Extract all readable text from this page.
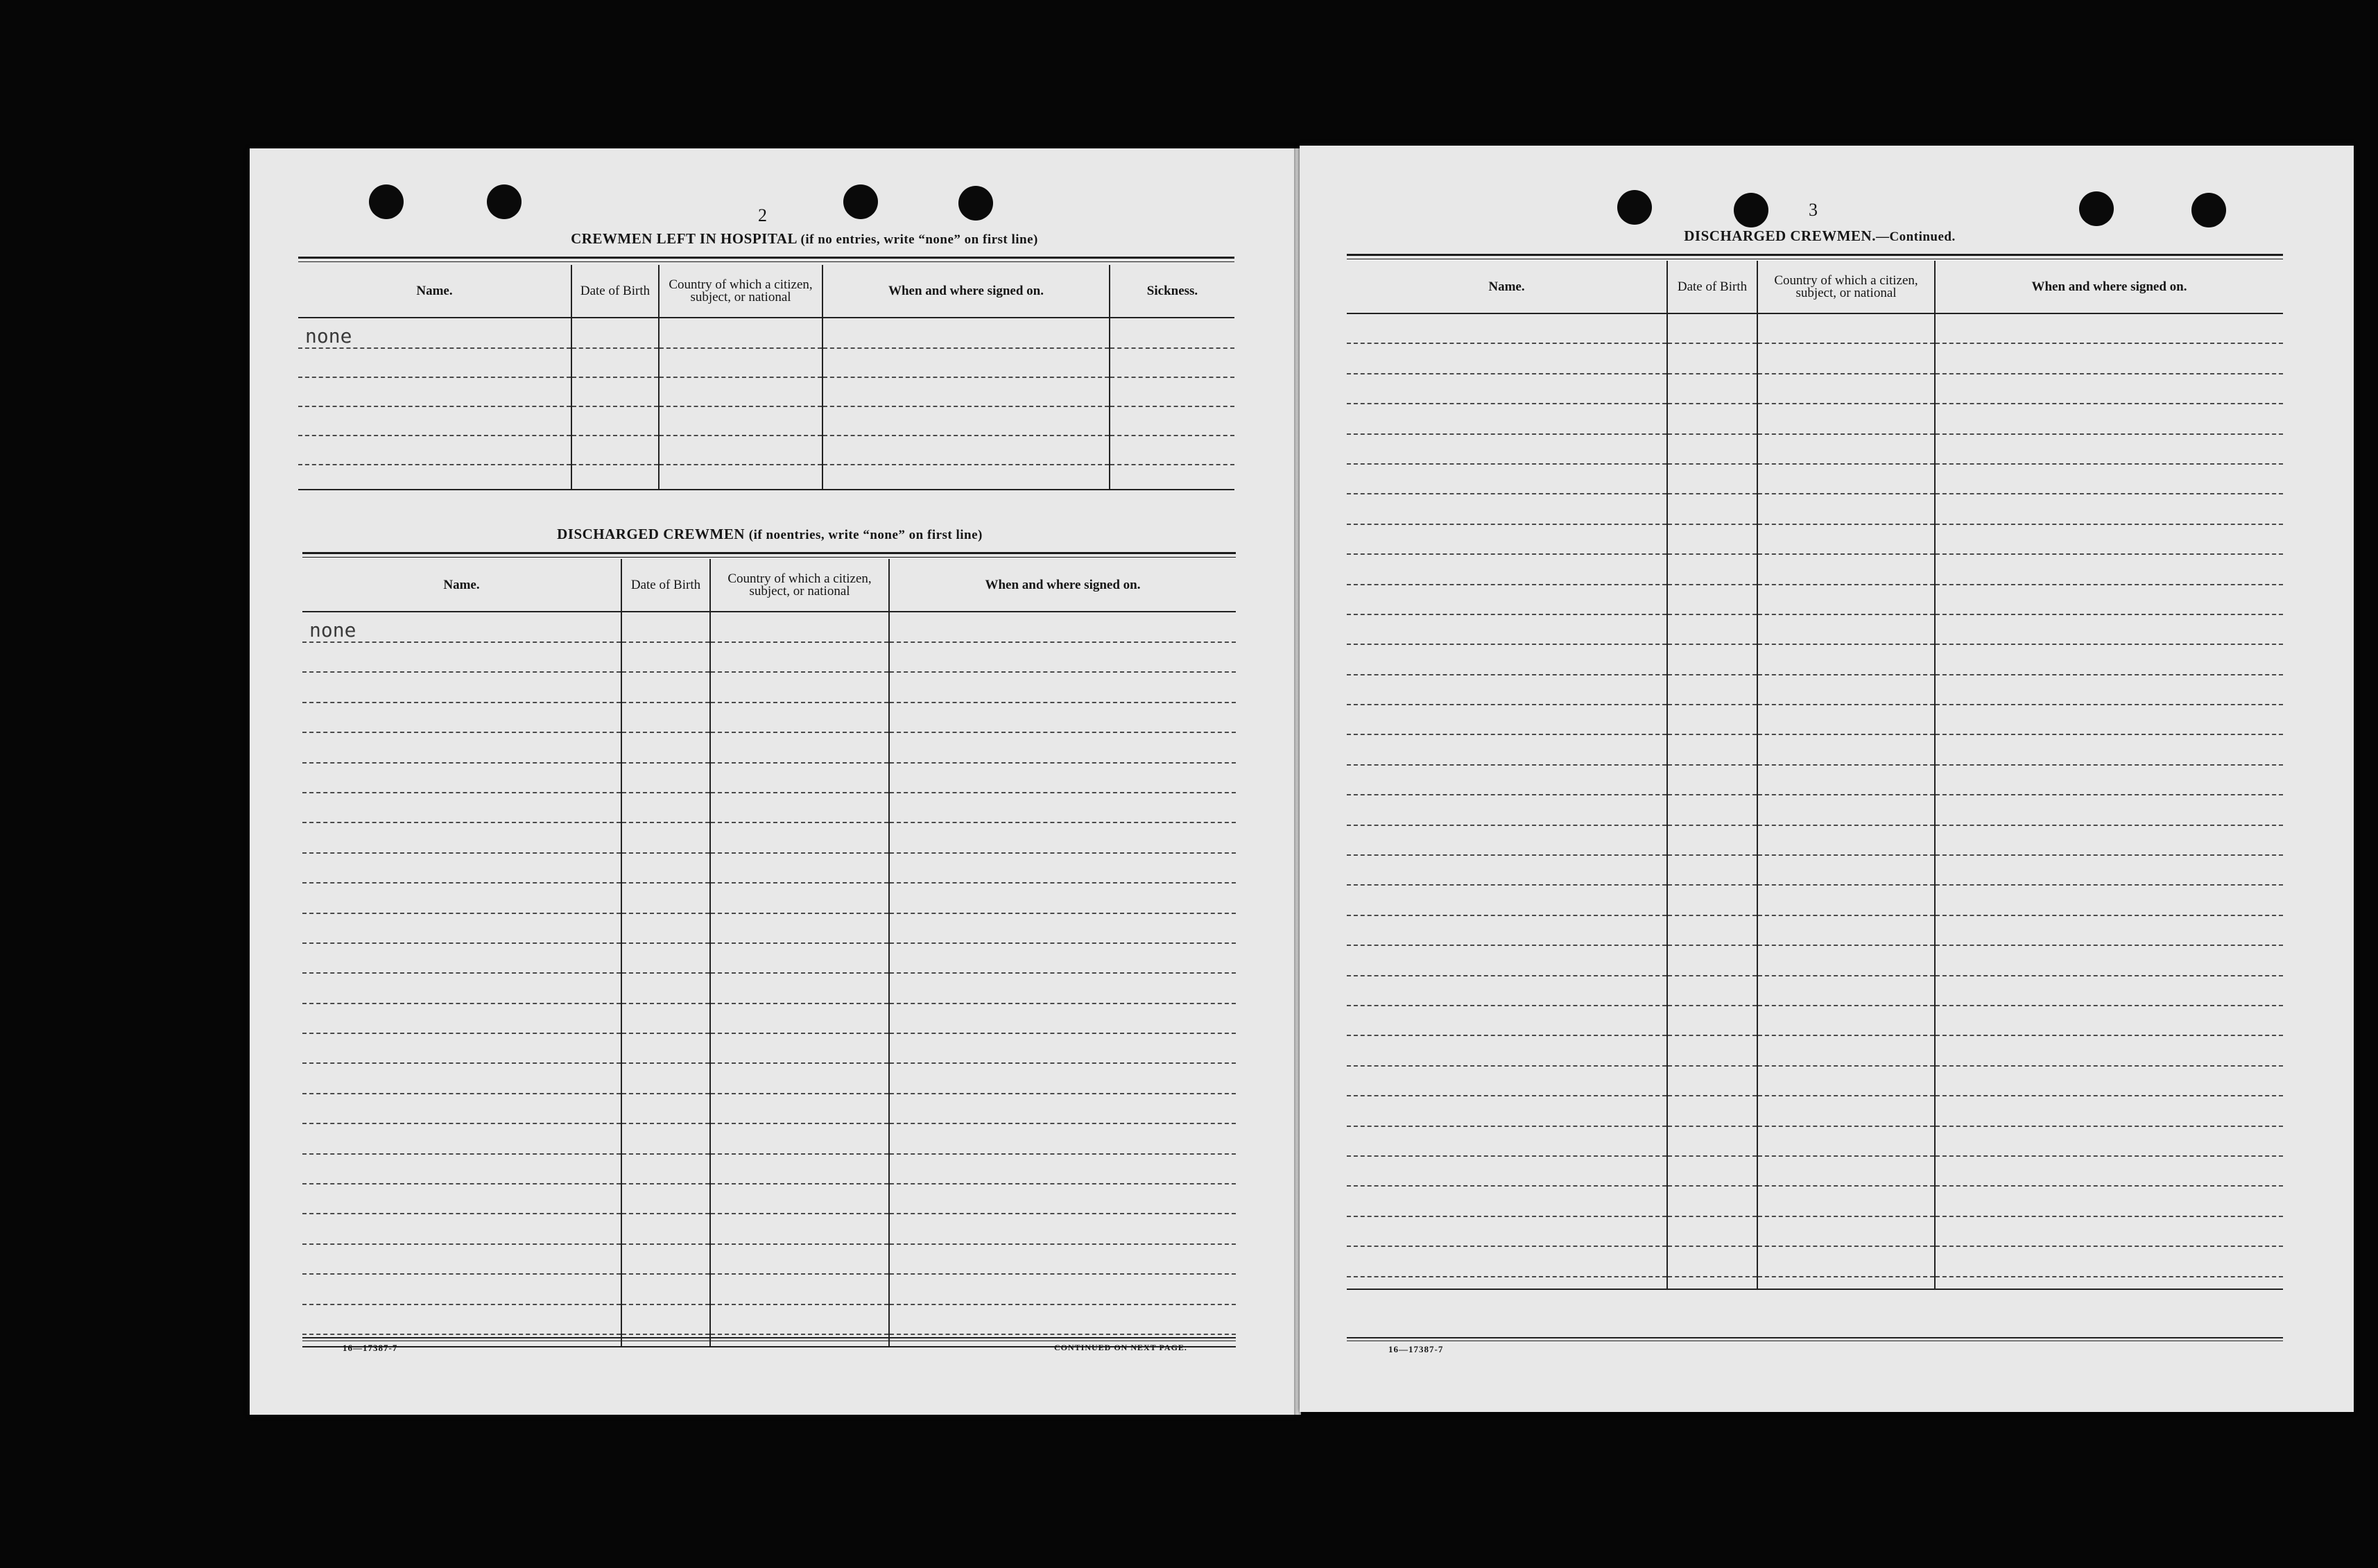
2
CREWMEN LEFT IN HOSPITAL (if no entries, write “none” on first line)
Name.	Date of Birth	Country of which a citizen, subject, or national	When and where signed on.	Sickness.
none				

DISCHARGED CREWMEN (if noentries, write “none” on first line)
Name.	Date of Birth	Country of which a citizen, subject, or national	When and where signed on.
none			

16—17387-7	CONTINUED ON NEXT PAGE.
3
DISCHARGED CREWMEN.—Continued.
Name.	Date of Birth	Country of which a citizen, subject, or national	When and where signed on.

16—17387-7
